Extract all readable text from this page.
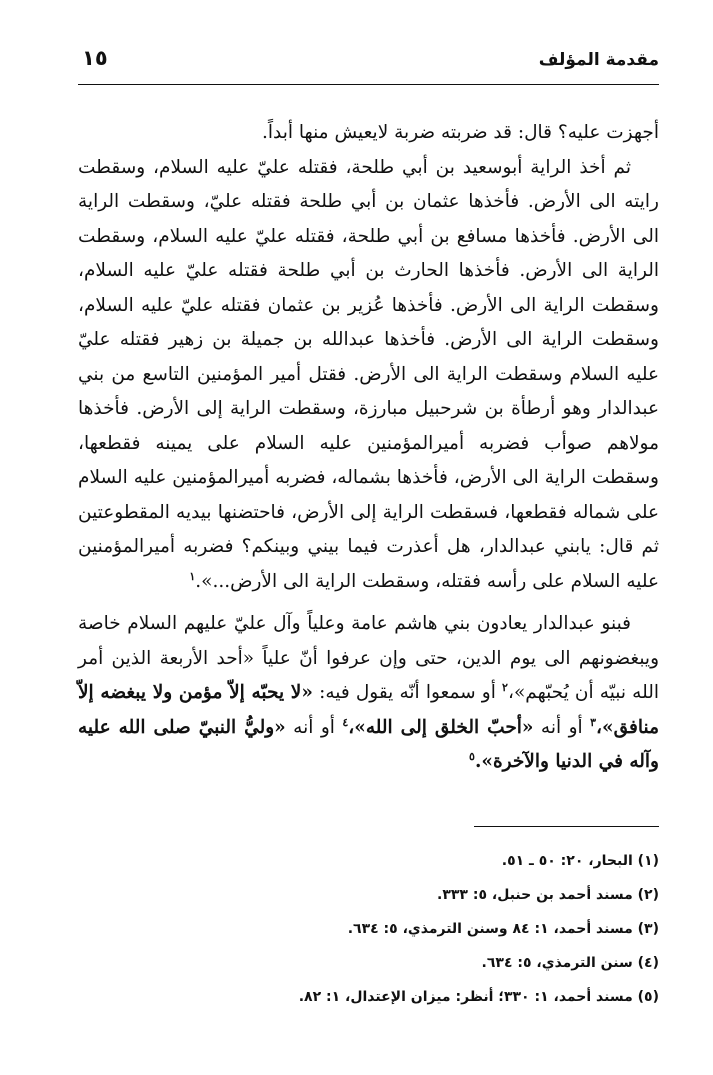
١٥	مقدمة المؤلف

أجهزت عليه؟ قال: قد ضربته ضربة لايعيش منها أبداً.

ثم أخذ الراية أبوسعيد بن أبي طلحة، فقتله عليّ عليه السلام، وسقطت رايته الى الأرض. فأخذها عثمان بن أبي طلحة فقتله عليّ، وسقطت الراية الى الأرض. فأخذها مسافع بن أبي طلحة، فقتله عليّ عليه السلام، وسقطت الراية الى الأرض. فأخذها الحارث بن أبي طلحة فقتله عليّ عليه السلام، وسقطت الراية الى الأرض. فأخذها عُزير بن عثمان فقتله عليّ عليه السلام، وسقطت الراية الى الأرض. فأخذها عبدالله بن جميلة بن زهير فقتله عليّ عليه السلام وسقطت الراية الى الأرض. فقتل أمير المؤمنين التاسع من بني عبدالدار وهو أرطأة بن شرحبيل مبارزة، وسقطت الراية إلى الأرض. فأخذها مولاهم صوأب فضربه أميرالمؤمنين عليه السلام على يمينه فقطعها، وسقطت الراية الى الأرض، فأخذها بشماله، فضربه أميرالمؤمنين عليه السلام على شماله فقطعها، فسقطت الراية إلى الأرض، فاحتضنها بيديه المقطوعتين ثم قال: يابني عبدالدار، هل أعذرت فيما بيني وبينكم؟ فضربه أميرالمؤمنين عليه السلام على رأسه فقتله، وسقطت الراية الى الأرض...».$^١$

فبنو عبدالدار يعادون بني هاشم عامة وعلياً وآل عليّ عليهم السلام خاصة ويبغضونهم الى يوم الدين، حتى وإن عرفوا أنّ علياً «أحد الأربعة الذين أمر الله نبيّه أن يُحبّهم»،$^٢$ أو سمعوا أنّه يقول فيه: «لا يحبّه إلاّ مؤمن ولا يبغضه إلاّ منافق»،$^٣$ أو أنه «أحبّ الخلق إلى الله»،$^٤$ أو أنه «وليُّ النبيّ صلى الله عليه وآله في الدنيا والآخرة».$^٥$

(١) البحار، ٢٠: ٥٠ ـ ٥١.
(٢) مسند أحمد بن حنبل، ٥: ٣٣٣.
(٣) مسند أحمد، ١: ٨٤ وسنن الترمذي، ٥: ٦٣٤.
(٤) سنن الترمذي، ٥: ٦٣٤.
(٥) مسند أحمد، ١: ٣٣٠؛ أنظر: ميزان الإعتدال، ١: ٨٢.
